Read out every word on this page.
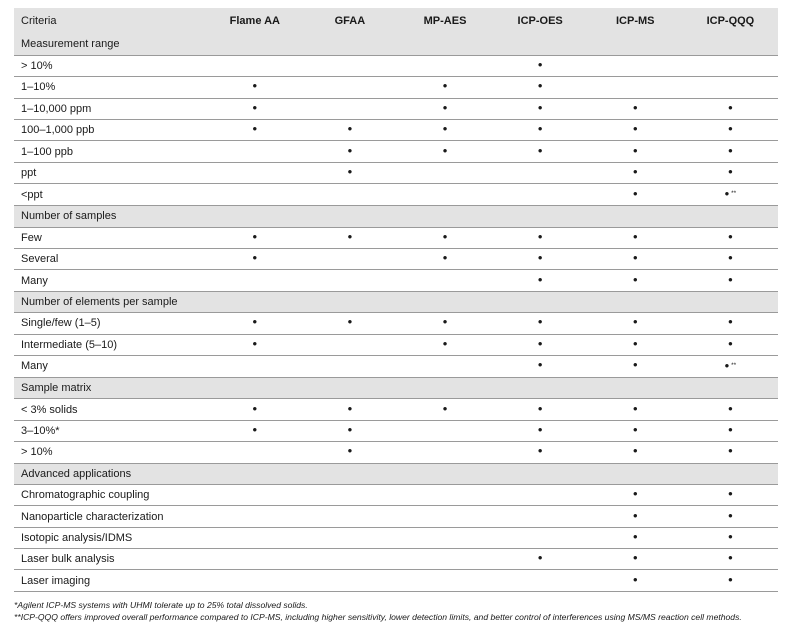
Criteria	Flame AA	GFAA	MP-AES	ICP-OES	ICP-MS	ICP-QQQ
Measurement range						
> 10%				•		
1–10%	•		•	•		
1–10,000 ppm	•		•	•	•	•
100–1,000 ppb	•	•	•	•	•	•
1–100 ppb		•	•	•	•	•
ppt		•			•	•
<ppt					•	• **
Number of samples						
Few	•	•	•	•	•	•
Several	•		•	•	•	•
Many				•	•	•
Number of elements per sample						
Single/few (1–5)	•	•	•	•	•	•
Intermediate (5–10)	•		•	•	•	•
Many				•	•	• **
Sample matrix						
< 3% solids	•	•	•	•	•	•
3–10%*	•	•		•	•	•
> 10%		•		•	•	•
Advanced applications						
Chromatographic coupling					•	•
Nanoparticle characterization					•	•
Isotopic analysis/IDMS					•	•
Laser bulk analysis				•	•	•
Laser imaging					•	•
*Agilent ICP-MS systems with UHMI tolerate up to 25% total dissolved solids.
**ICP-QQQ offers improved overall performance compared to ICP-MS, including higher sensitivity, lower detection limits, and better control of interferences using MS/MS reaction cell methods.
